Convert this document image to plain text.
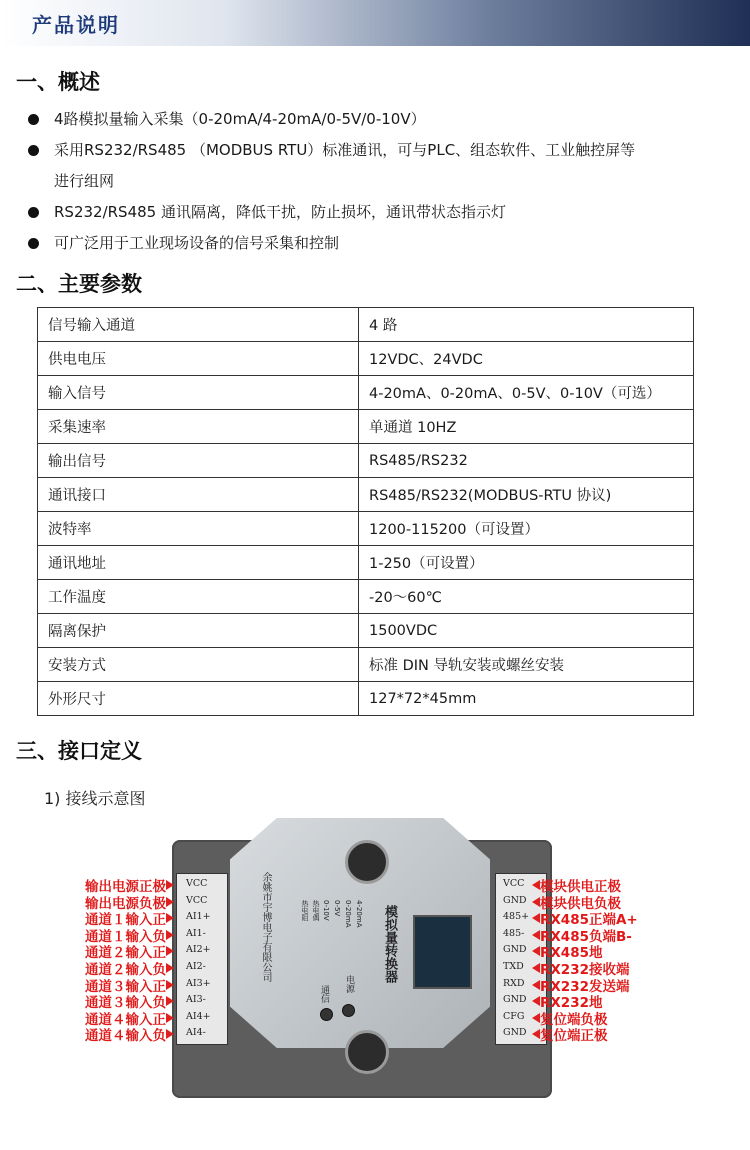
产品说明
一、概述
4路模拟量输入采集（0-20mA/4-20mA/0-5V/0-10V）
采用RS232/RS485 （MODBUS RTU）标准通讯，可与PLC、组态软件、工业触控屏等
进行组网
RS232/RS485 通讯隔离，降低干扰，防止损坏，通讯带状态指示灯
可广泛用于工业现场设备的信号采集和控制
二、主要参数
信号输入通道	4 路
供电电压	12VDC、24VDC
输入信号	4-20mA、0-20mA、0-5V、0-10V（可选）
采集速率	单通道 10HZ
输出信号	RS485/RS232
通讯接口	RS485/RS232(MODBUS-RTU 协议)
波特率	1200-115200（可设置）
通讯地址	1-250（可设置）
工作温度	-20～60℃
隔离保护	1500VDC
安装方式	标准 DIN 导轨安装或螺丝安装
外形尺寸	127*72*45mm
三、接口定义
1) 接线示意图
模拟量转换器
余姚市宇博电子有限公司
通信
电源
4-20mA
0-20mA
0-5V
0-10V
热电偶
热电阻
VCC
输出电源正极
VCC
输出电源负极
AI1+
通道１输入正
AI1-
通道１输入负
AI2+
通道２输入正
AI2-
通道２输入负
AI3+
通道３输入正
AI3-
通道３输入负
AI4+
通道４输入正
AI4-
通道４输入负
VCC 模块供电正极
GND 模块供电负极
485+ RX485正端A+
485- RX485负端B-
GND RX485地
TXD RX232接收端
RXD RX232发送端
GND RX232地
CFG 复位端负极
GND 复位端正极
